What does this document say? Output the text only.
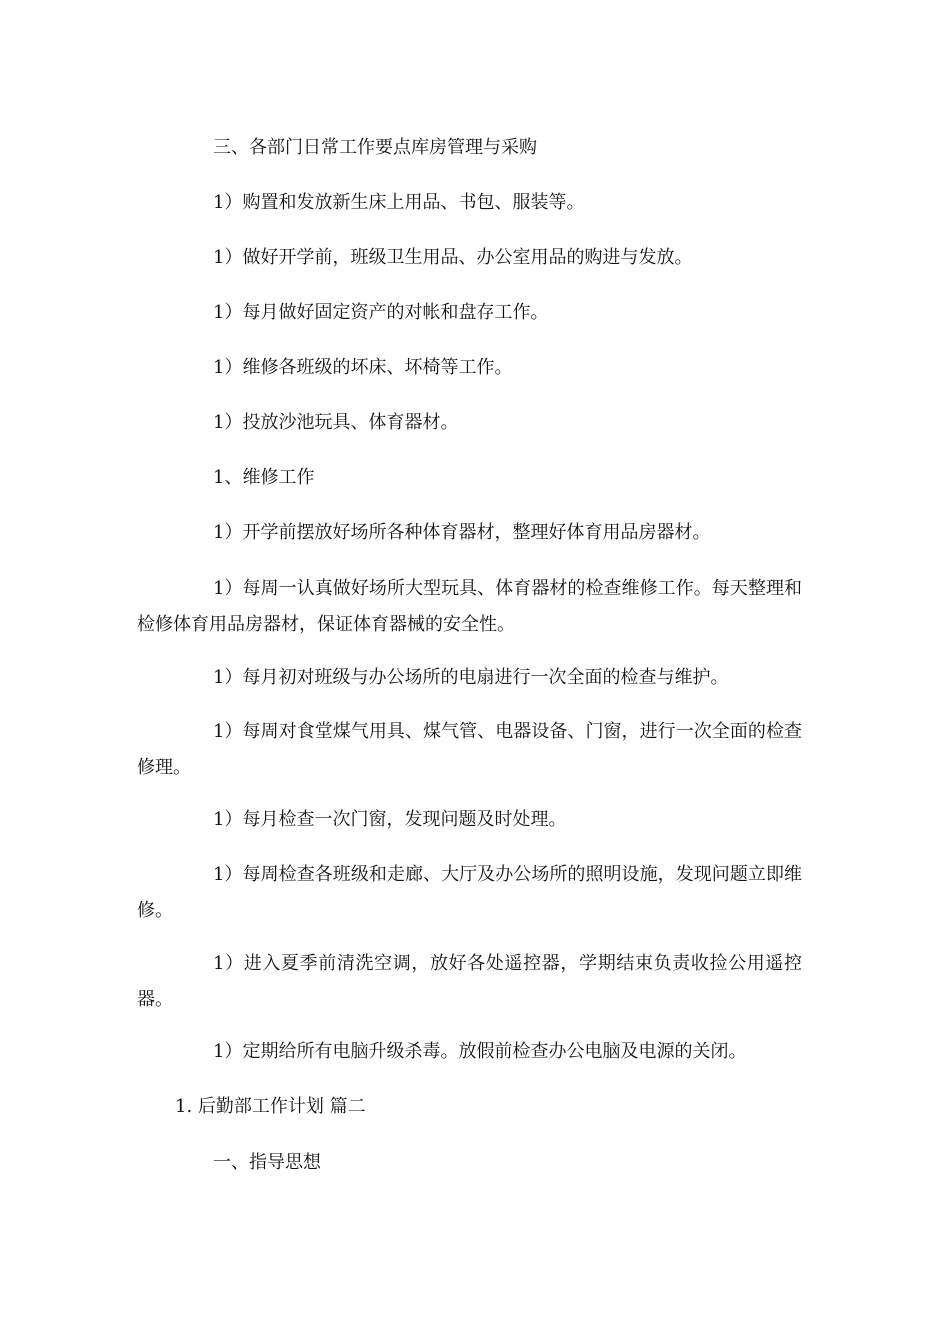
三、各部门日常工作要点库房管理与采购
1）购置和发放新生床上用品、书包、服装等。
1）做好开学前，班级卫生用品、办公室用品的购进与发放。
1）每月做好固定资产的对帐和盘存工作。
1）维修各班级的坏床、坏椅等工作。
1）投放沙池玩具、体育器材。
1、维修工作
1）开学前摆放好场所各种体育器材，整理好体育用品房器材。
1）每周一认真做好场所大型玩具、体育器材的检查维修工作。每天整理和检修体育用品房器材，保证体育器械的安全性。
1）每月初对班级与办公场所的电扇进行一次全面的检查与维护。
1）每周对食堂煤气用具、煤气管、电器设备、门窗，进行一次全面的检查修理。
1）每月检查一次门窗，发现问题及时处理。
1）每周检查各班级和走廊、大厅及办公场所的照明设施，发现问题立即维修。
1）进入夏季前清洗空调，放好各处遥控器，学期结束负责收捡公用遥控器。
1）定期给所有电脑升级杀毒。放假前检查办公电脑及电源的关闭。
1. 后勤部工作计划 篇二
一、指导思想
